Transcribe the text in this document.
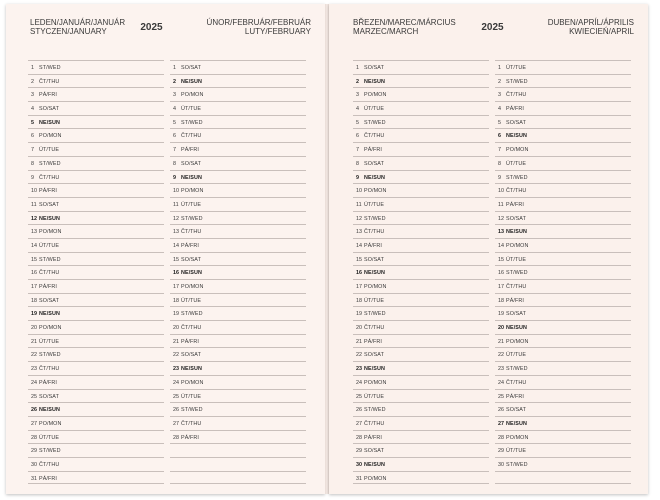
LEDEN/JANUÁR/JANUÁR
STYCZEN/JANUARY	2025	ÚNOR/FEBRUÁR/FEBRUÁR
LUTY/FEBRUARY
1 ST/WED
2 ČT/THU
3 PÁ/FRI
4 SO/SAT
5 NE/SUN
6 PO/MON
7 ÚT/TUE
8 ST/WED
9 ČT/THU
10 PÁ/FRI
11 SO/SAT
12 NE/SUN
13 PO/MON
14 ÚT/TUE
15 ST/WED
16 ČT/THU
17 PÁ/FRI
18 SO/SAT
19 NE/SUN
20 PO/MON
21 ÚT/TUE
22 ST/WED
23 ČT/THU
24 PÁ/FRI
25 SO/SAT
26 NE/SUN
27 PO/MON
28 ÚT/TUE
29 ST/WED
30 ČT/THU
31 PÁ/FRI
1 SO/SAT
2 NE/SUN
3 PO/MON
4 ÚT/TUE
5 ST/WED
6 ČT/THU
7 PÁ/FRI
8 SO/SAT
9 NE/SUN
10 PO/MON
11 ÚT/TUE
12 ST/WED
13 ČT/THU
14 PÁ/FRI
15 SO/SAT
16 NE/SUN
17 PO/MON
18 ÚT/TUE
19 ST/WED
20 ČT/THU
21 PÁ/FRI
22 SO/SAT
23 NE/SUN
24 PO/MON
25 ÚT/TUE
26 ST/WED
27 ČT/THU
28 PÁ/FRI
BŘEZEN/MAREC/MÁRCIUS
MARZEC/MARCH	2025	DUBEN/APRÍL/ÁPRILIS
KWIECIEŃ/APRIL
1 SO/SAT
2 NE/SUN
3 PO/MON
4 ÚT/TUE
5 ST/WED
6 ČT/THU
7 PÁ/FRI
8 SO/SAT
9 NE/SUN
10 PO/MON
11 ÚT/TUE
12 ST/WED
13 ČT/THU
14 PÁ/FRI
15 SO/SAT
16 NE/SUN
17 PO/MON
18 ÚT/TUE
19 ST/WED
20 ČT/THU
21 PÁ/FRI
22 SO/SAT
23 NE/SUN
24 PO/MON
25 ÚT/TUE
26 ST/WED
27 ČT/THU
28 PÁ/FRI
29 SO/SAT
30 NE/SUN
31 PO/MON
1 ÚT/TUE
2 ST/WED
3 ČT/THU
4 PÁ/FRI
5 SO/SAT
6 NE/SUN
7 PO/MON
8 ÚT/TUE
9 ST/WED
10 ČT/THU
11 PÁ/FRI
12 SO/SAT
13 NE/SUN
14 PO/MON
15 ÚT/TUE
16 ST/WED
17 ČT/THU
18 PÁ/FRI
19 SO/SAT
20 NE/SUN
21 PO/MON
22 ÚT/TUE
23 ST/WED
24 ČT/THU
25 PÁ/FRI
26 SO/SAT
27 NE/SUN
28 PO/MON
29 ÚT/TUE
30 ST/WED
